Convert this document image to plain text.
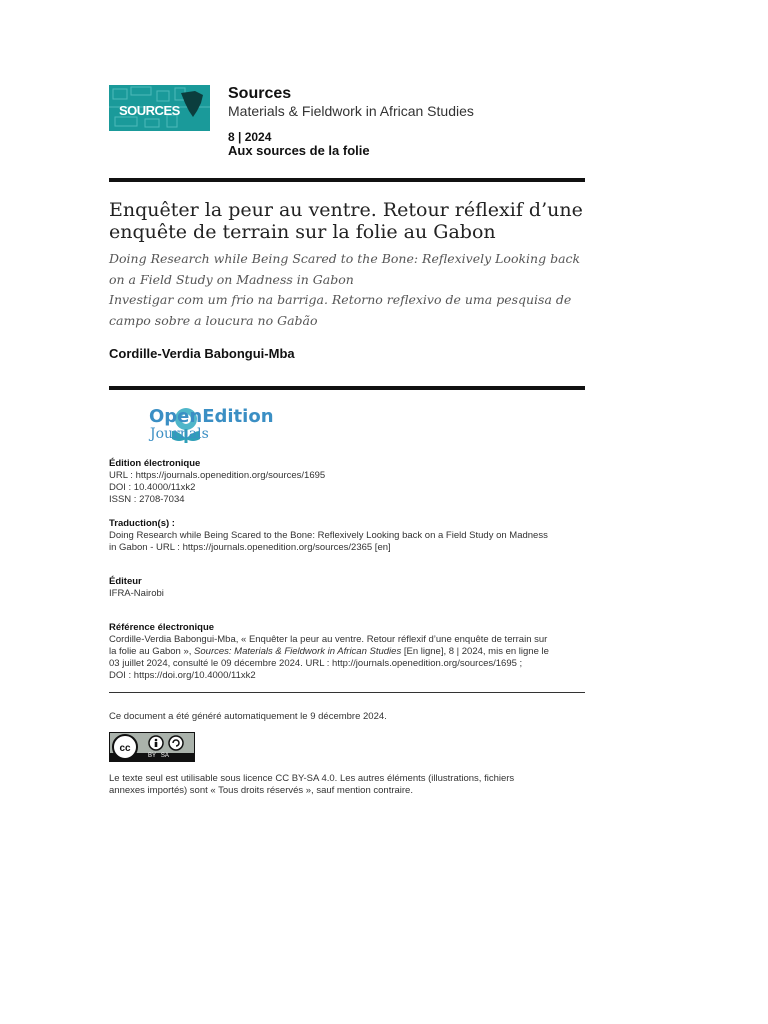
SOURCES
Sources
Materials & Fieldwork in African Studies
8 | 2024
Aux sources de la folie
Enquêter la peur au ventre. Retour réflexif d’une enquête de terrain sur la folie au Gabon
Doing Research while Being Scared to the Bone: Reflexively Looking back on a Field Study on Madness in Gabon
Investigar com um frio na barriga. Retorno reflexivo de uma pesquisa de campo sobre a loucura no Gabão
Cordille-Verdia Babongui-Mba
OpenEdition
Journals
Édition électronique
URL : https://journals.openedition.org/sources/1695
DOI : 10.4000/11xk2
ISSN : 2708-7034
Traduction(s) :
Doing Research while Being Scared to the Bone: Reflexively Looking back on a Field Study on Madness
in Gabon - URL : https://journals.openedition.org/sources/2365 [en]
Éditeur
IFRA-Nairobi
Référence électronique
Cordille-Verdia Babongui-Mba, « Enquêter la peur au ventre. Retour réflexif d’une enquête de terrain sur
la folie au Gabon », Sources: Materials & Fieldwork in African Studies [En ligne], 8 | 2024, mis en ligne le
03 juillet 2024, consulté le 09 décembre 2024. URL : http://journals.openedition.org/sources/1695 ;
DOI : https://doi.org/10.4000/11xk2
Ce document a été généré automatiquement le 9 décembre 2024.
cc
BY   SA
Le texte seul est utilisable sous licence CC BY-SA 4.0. Les autres éléments (illustrations, fichiers
annexes importés) sont « Tous droits réservés », sauf mention contraire.
